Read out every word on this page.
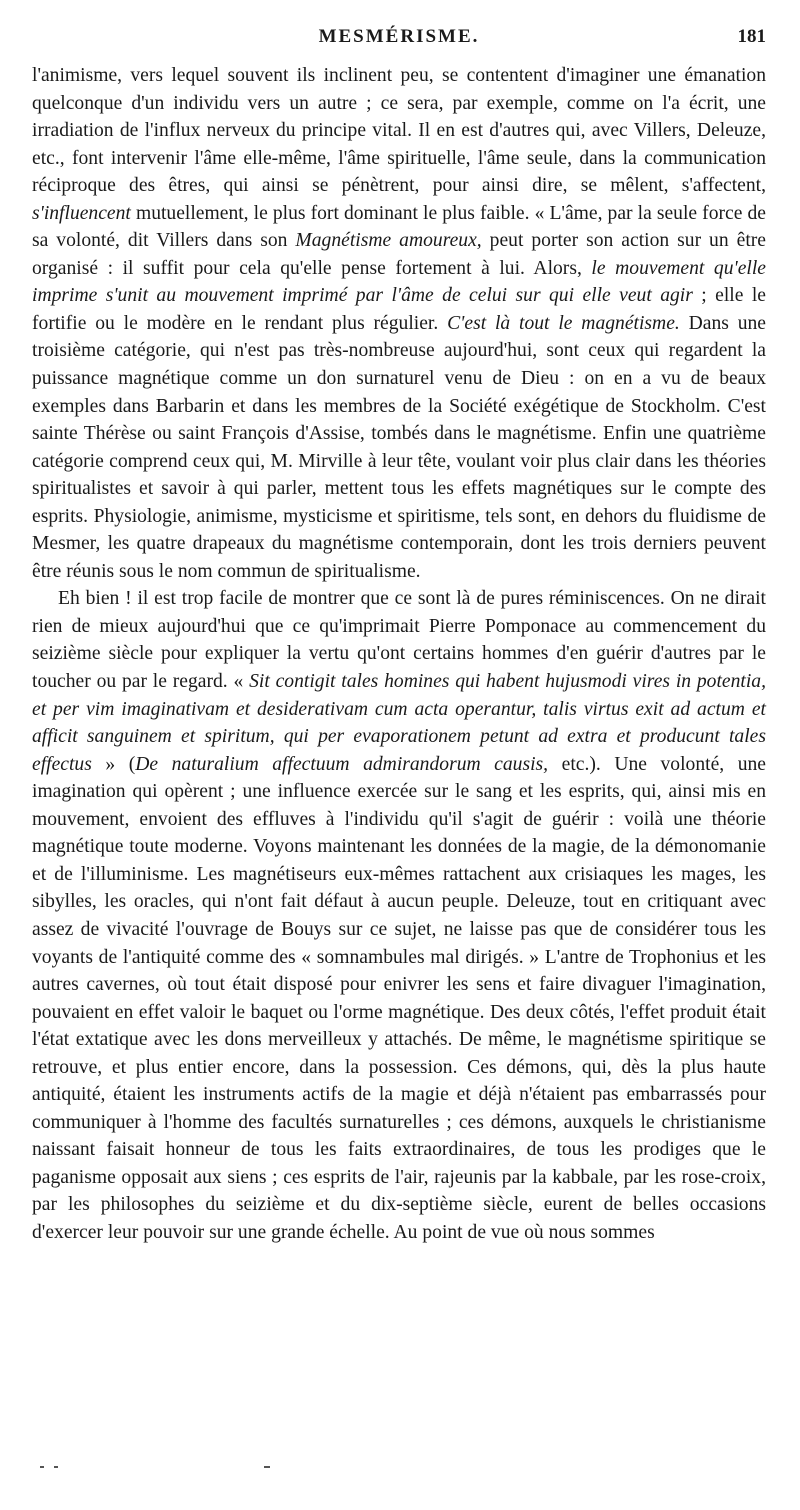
MESMÉRISME.	181

l'animisme, vers lequel souvent ils inclinent peu, se contentent d'imaginer une émanation quelconque d'un individu vers un autre ; ce sera, par exemple, comme on l'a écrit, une irradiation de l'influx nerveux du principe vital. Il en est d'autres qui, avec Villers, Deleuze, etc., font intervenir l'âme elle-même, l'âme spirituelle, l'âme seule, dans la communication réciproque des êtres, qui ainsi se pénètrent, pour ainsi dire, se mêlent, s'affectent, s'influencent mutuellement, le plus fort dominant le plus faible. « L'âme, par la seule force de sa volonté, dit Villers dans son Magnétisme amoureux, peut porter son action sur un être organisé : il suffit pour cela qu'elle pense fortement à lui. Alors, le mouvement qu'elle imprime s'unit au mouvement imprimé par l'âme de celui sur qui elle veut agir ; elle le fortifie ou le modère en le rendant plus régulier. C'est là tout le magnétisme. Dans une troisième catégorie, qui n'est pas très-nombreuse aujourd'hui, sont ceux qui regardent la puissance magnétique comme un don surnaturel venu de Dieu : on en a vu de beaux exemples dans Barbarin et dans les membres de la Société exégétique de Stockholm. C'est sainte Thérèse ou saint François d'Assise, tombés dans le magnétisme. Enfin une quatrième catégorie comprend ceux qui, M. Mirville à leur tête, voulant voir plus clair dans les théories spiritualistes et savoir à qui parler, mettent tous les effets magnétiques sur le compte des esprits. Physiologie, animisme, mysticisme et spiritisme, tels sont, en dehors du fluidisme de Mesmer, les quatre drapeaux du magnétisme contemporain, dont les trois derniers peuvent être réunis sous le nom commun de spiritualisme.

Eh bien ! il est trop facile de montrer que ce sont là de pures réminiscences. On ne dirait rien de mieux aujourd'hui que ce qu'imprimait Pierre Pomponace au commencement du seizième siècle pour expliquer la vertu qu'ont certains hommes d'en guérir d'autres par le toucher ou par le regard. « Sit contigit tales homines qui habent hujusmodi vires in potentia, et per vim imaginativam et desiderativam cum acta operantur, talis virtus exit ad actum et afficit sanguinem et spiritum, qui per evaporationem petunt ad extra et producunt tales effectus » (De naturalium affectuum admirandorum causis, etc.). Une volonté, une imagination qui opèrent ; une influence exercée sur le sang et les esprits, qui, ainsi mis en mouvement, envoient des effluves à l'individu qu'il s'agit de guérir : voilà une théorie magnétique toute moderne. Voyons maintenant les données de la magie, de la démonomanie et de l'illuminisme. Les magnétiseurs eux-mêmes rattachent aux crisiaques les mages, les sibylles, les oracles, qui n'ont fait défaut à aucun peuple. Deleuze, tout en critiquant avec assez de vivacité l'ouvrage de Bouys sur ce sujet, ne laisse pas que de considérer tous les voyants de l'antiquité comme des « somnambules mal dirigés. » L'antre de Trophonius et les autres cavernes, où tout était disposé pour enivrer les sens et faire divaguer l'imagination, pouvaient en effet valoir le baquet ou l'orme magnétique. Des deux côtés, l'effet produit était l'état extatique avec les dons merveilleux y attachés. De même, le magnétisme spiritique se retrouve, et plus entier encore, dans la possession. Ces démons, qui, dès la plus haute antiquité, étaient les instruments actifs de la magie et déjà n'étaient pas embarrassés pour communiquer à l'homme des facultés surnaturelles ; ces démons, auxquels le christianisme naissant faisait honneur de tous les faits extraordinaires, de tous les prodiges que le paganisme opposait aux siens ; ces esprits de l'air, rajeunis par la kabbale, par les rose-croix, par les philosophes du seizième et du dix-septième siècle, eurent de belles occasions d'exercer leur pouvoir sur une grande échelle. Au point de vue où nous sommes
